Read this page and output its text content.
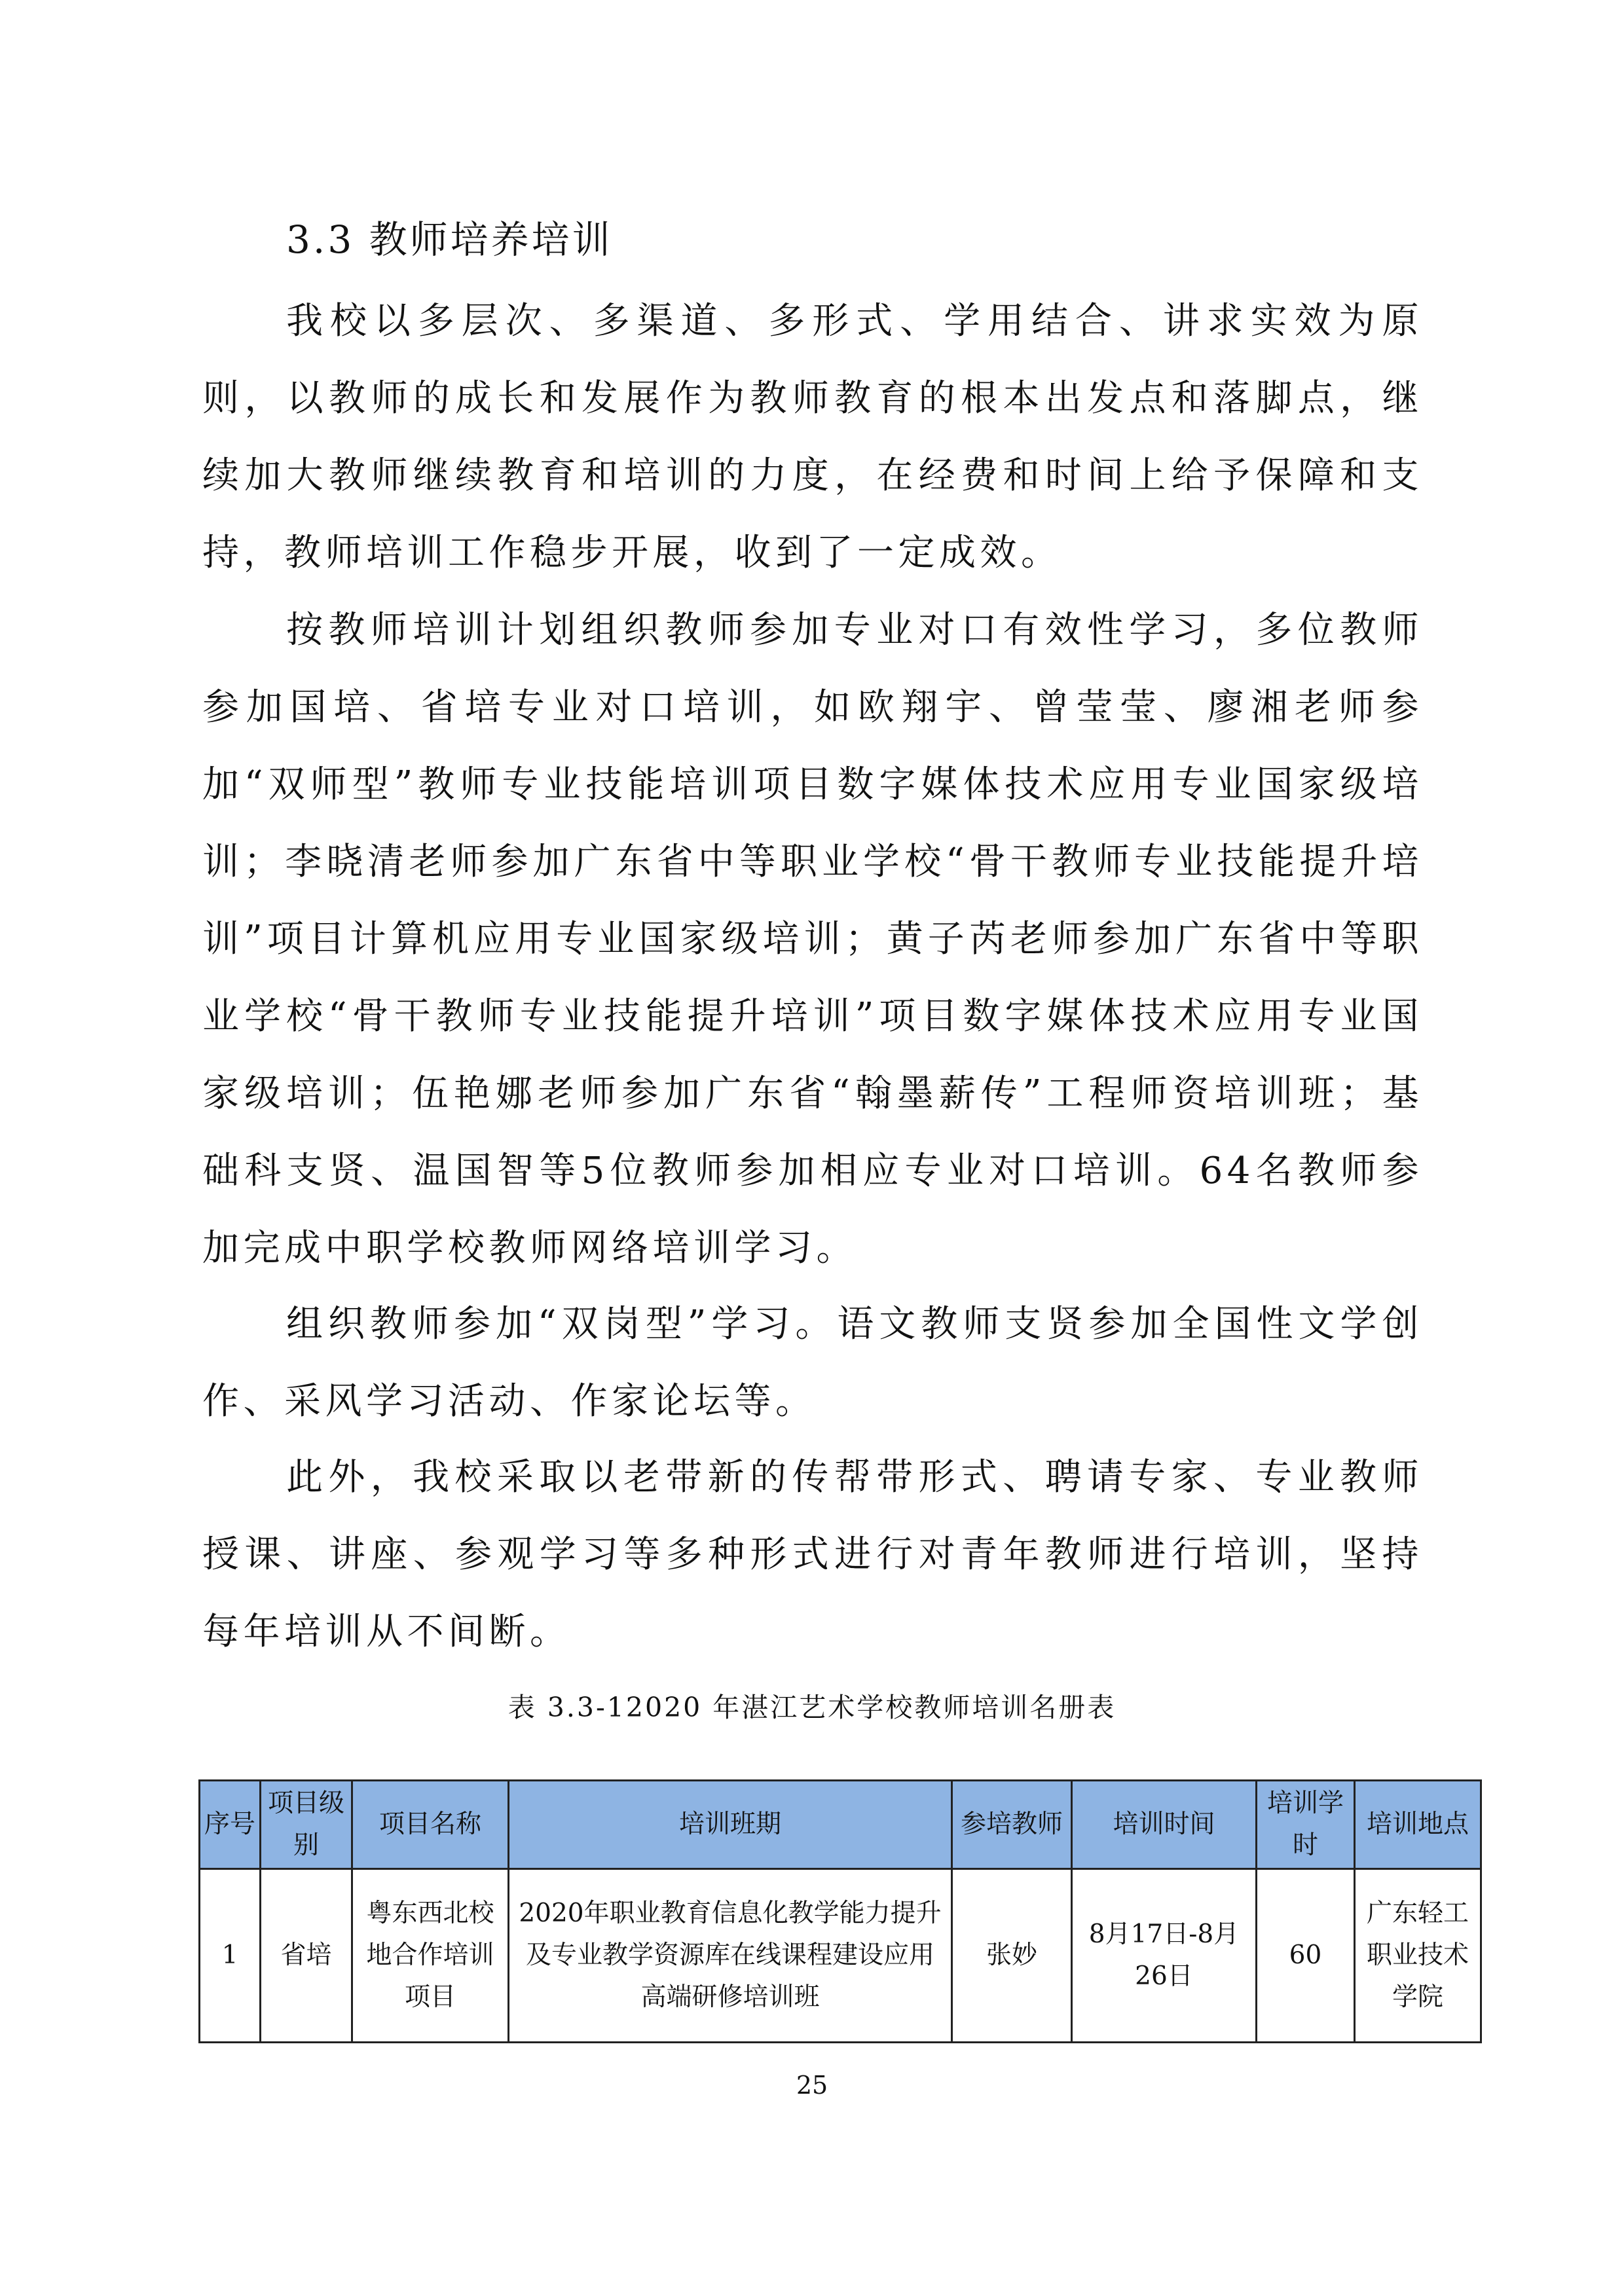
3.3 教师培养培训

我校以多层次、多渠道、多形式、学用结合、讲求实效为原则，以教师的成长和发展作为教师教育的根本出发点和落脚点，继续加大教师继续教育和培训的力度，在经费和时间上给予保障和支持，教师培训工作稳步开展，收到了一定成效。

按教师培训计划组织教师参加专业对口有效性学习，多位教师参加国培、省培专业对口培训，如欧翔宇、曾莹莹、廖湘老师参加“双师型”教师专业技能培训项目数字媒体技术应用专业国家级培训；李晓清老师参加广东省中等职业学校“骨干教师专业技能提升培训”项目计算机应用专业国家级培训；黄子芮老师参加广东省中等职业学校“骨干教师专业技能提升培训”项目数字媒体技术应用专业国家级培训；伍艳娜老师参加广东省“翰墨薪传”工程师资培训班；基础科支贤、温国智等5位教师参加相应专业对口培训。64名教师参加完成中职学校教师网络培训学习。

组织教师参加“双岗型”学习。语文教师支贤参加全国性文学创作、采风学习活动、作家论坛等。

此外，我校采取以老带新的传帮带形式、聘请专家、专业教师授课、讲座、参观学习等多种形式进行对青年教师进行培训，坚持每年培训从不间断。

表 3.3-12020 年湛江艺术学校教师培训名册表
序号	项目级别	项目名称	培训班期	参培教师	培训时间	培训学时	培训地点
1	省培	粤东西北校地合作培训项目	2020年职业教育信息化教学能力提升及专业教学资源库在线课程建设应用高端研修培训班	张妙	8月17日-8月26日	60	广东轻工职业技术学院
25
